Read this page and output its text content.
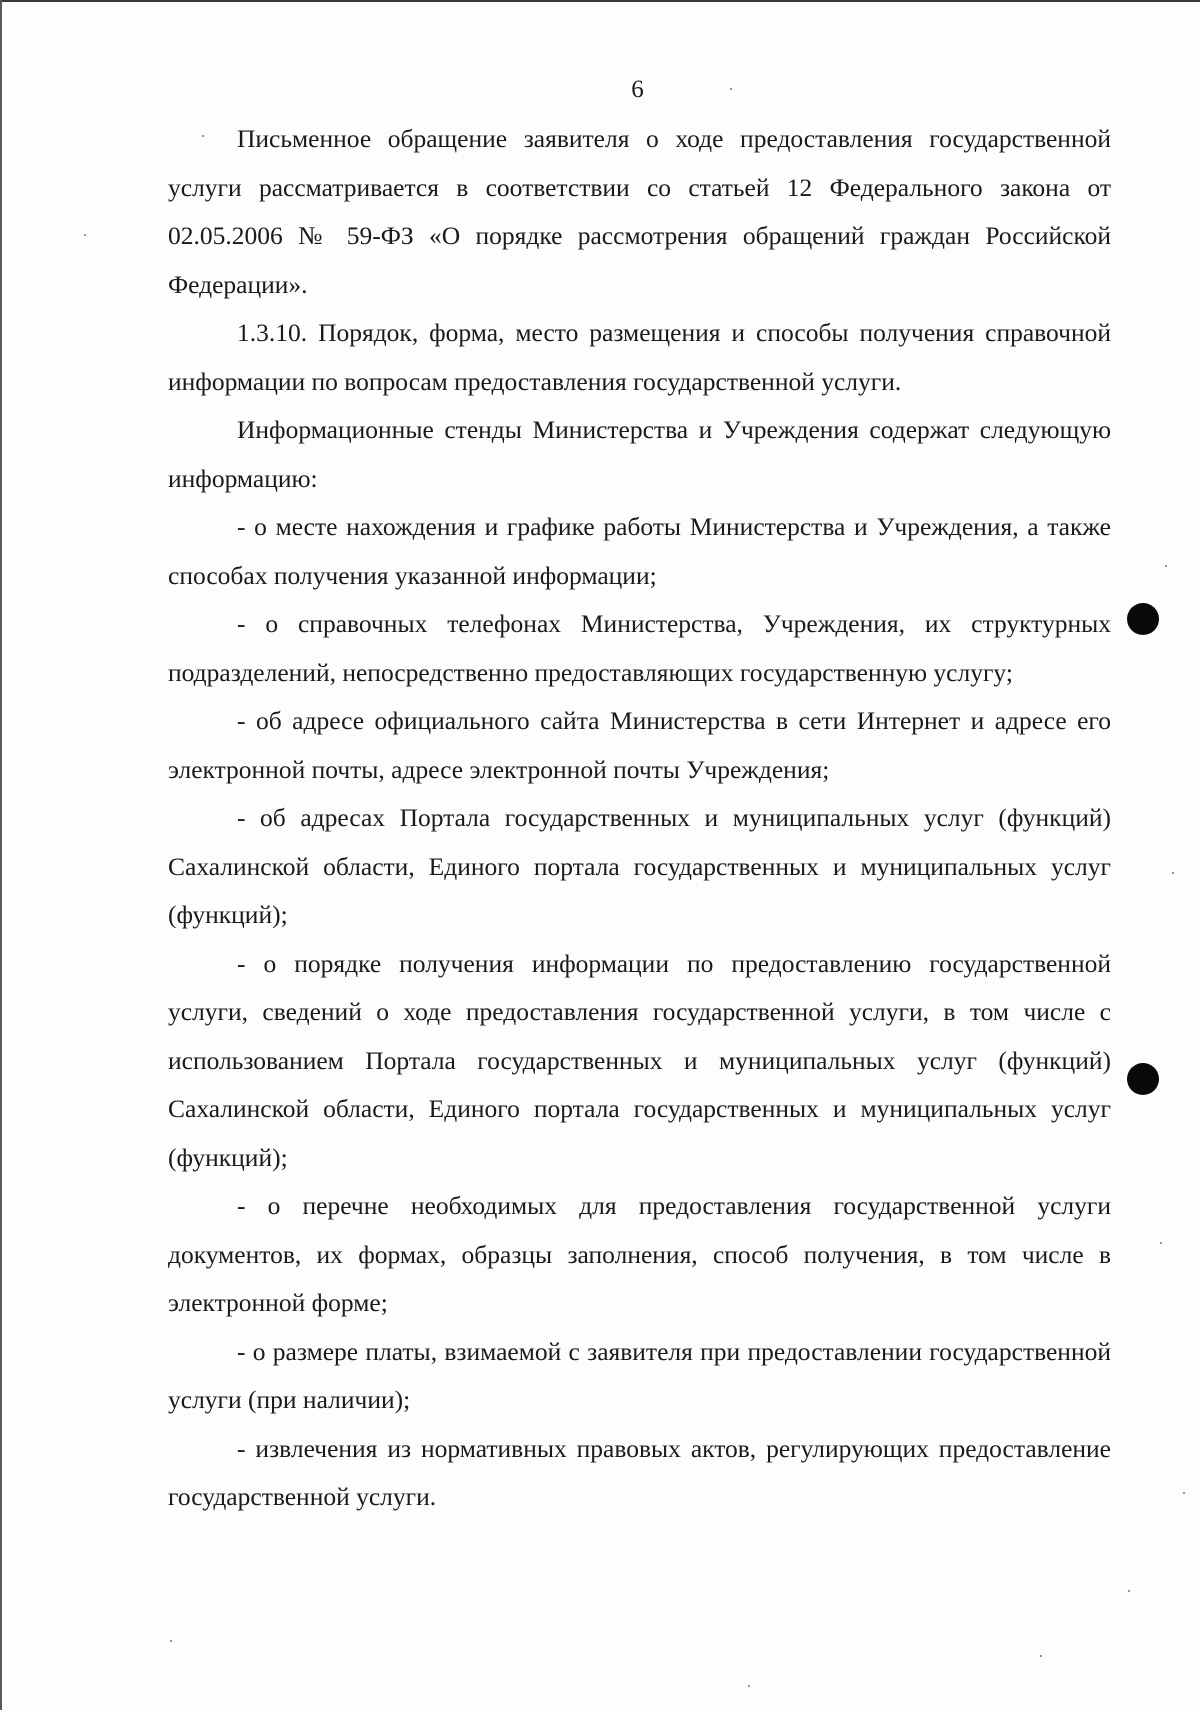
6

Письменное обращение заявителя о ходе предоставления государственной услуги рассматривается в соответствии со статьей 12 Федерального закона от 02.05.2006 № 59-ФЗ «О порядке рассмотрения обращений граждан Российской Федерации».

1.3.10. Порядок, форма, место размещения и способы получения справочной информации по вопросам предоставления государственной услуги.

Информационные стенды Министерства и Учреждения содержат следующую информацию:

- о месте нахождения и графике работы Министерства и Учреждения, а также способах получения указанной информации;

- о справочных телефонах Министерства, Учреждения, их структурных подразделений, непосредственно предоставляющих государственную услугу;

- об адресе официального сайта Министерства в сети Интернет и адресе его электронной почты, адресе электронной почты Учреждения;

- об адресах Портала государственных и муниципальных услуг (функций) Сахалинской области, Единого портала государственных и муниципальных услуг (функций);

- о порядке получения информации по предоставлению государственной услуги, сведений о ходе предоставления государственной услуги, в том числе с использованием Портала государственных и муниципальных услуг (функций) Сахалинской области, Единого портала государственных и муниципальных услуг (функций);

- о перечне необходимых для предоставления государственной услуги документов, их формах, образцы заполнения, способ получения, в том числе в электронной форме;

- о размере платы, взимаемой с заявителя при предоставлении государственной услуги (при наличии);

- извлечения из нормативных правовых актов, регулирующих предоставление государственной услуги.
